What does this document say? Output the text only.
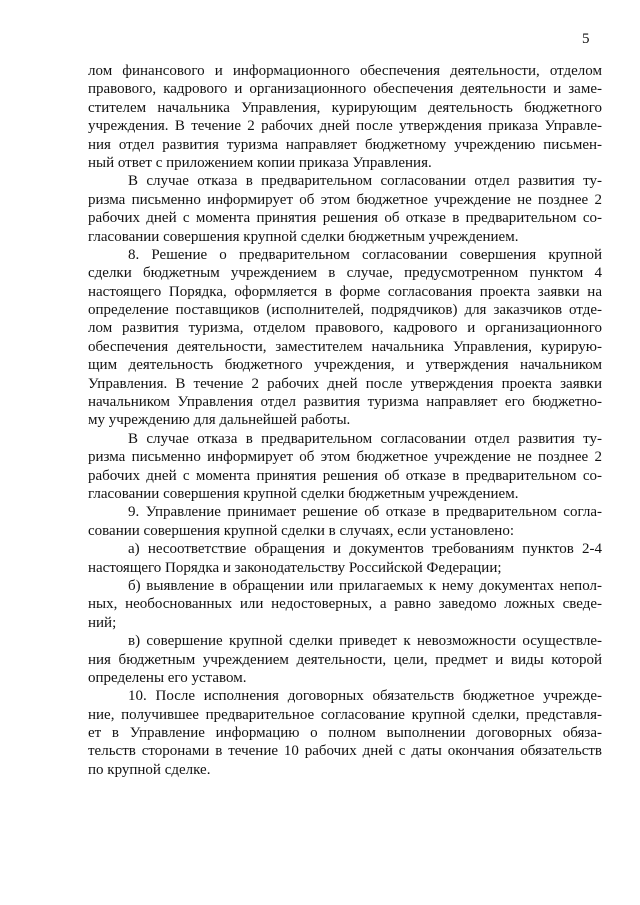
5
лом финансового и информационного обеспечения деятельности, отделом
правового, кадрового и организационного обеспечения деятельности и заме-
стителем начальника Управления, курирующим деятельность бюджетного
учреждения. В течение 2 рабочих дней после утверждения приказа Управле-
ния отдел развития туризма направляет бюджетному учреждению письмен-
ный ответ с приложением копии приказа Управления.
В случае отказа в предварительном согласовании отдел развития ту-
ризма письменно информирует об этом бюджетное учреждение не позднее 2
рабочих дней с момента принятия решения об отказе в предварительном со-
гласовании совершения крупной сделки бюджетным учреждением.
8. Решение о предварительном согласовании совершения крупной
сделки бюджетным учреждением в случае, предусмотренном пунктом 4
настоящего Порядка, оформляется в форме согласования проекта заявки на
определение поставщиков (исполнителей, подрядчиков) для заказчиков отде-
лом развития туризма, отделом правового, кадрового и организационного
обеспечения деятельности, заместителем начальника Управления, курирую-
щим деятельность бюджетного учреждения, и утверждения начальником
Управления. В течение 2 рабочих дней после утверждения проекта заявки
начальником Управления отдел развития туризма направляет его бюджетно-
му учреждению для дальнейшей работы.
В случае отказа в предварительном согласовании отдел развития ту-
ризма письменно информирует об этом бюджетное учреждение не позднее 2
рабочих дней с момента принятия решения об отказе в предварительном со-
гласовании совершения крупной сделки бюджетным учреждением.
9. Управление принимает решение об отказе в предварительном согла-
совании совершения крупной сделки в случаях, если установлено:
а) несоответствие обращения и документов требованиям пунктов 2-4
настоящего Порядка и законодательству Российской Федерации;
б) выявление в обращении или прилагаемых к нему документах непол-
ных, необоснованных или недостоверных, а равно заведомо ложных сведе-
ний;
в) совершение крупной сделки приведет к невозможности осуществле-
ния бюджетным учреждением деятельности, цели, предмет и виды которой
определены его уставом.
10. После исполнения договорных обязательств бюджетное учрежде-
ние, получившее предварительное согласование крупной сделки, представля-
ет в Управление информацию о полном выполнении договорных обяза-
тельств сторонами в течение 10 рабочих дней с даты окончания обязательств
по крупной сделке.
